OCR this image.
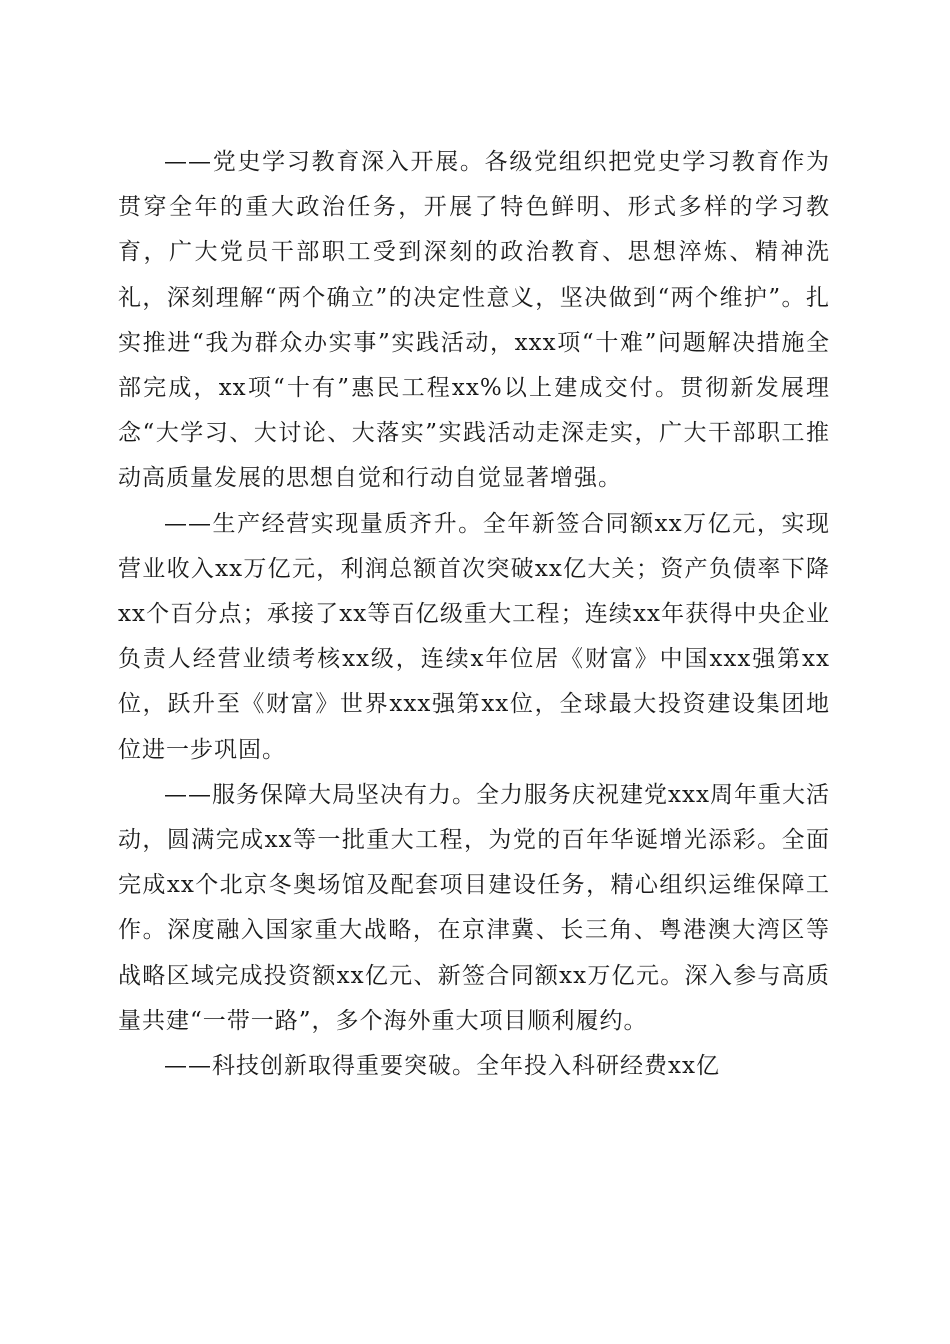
——党史学习教育深入开展。各级党组织把党史学习教育作为贯穿全年的重大政治任务，开展了特色鲜明、形式多样的学习教育，广大党员干部职工受到深刻的政治教育、思想淬炼、精神洗礼，深刻理解“两个确立”的决定性意义，坚决做到“两个维护”。扎实推进“我为群众办实事”实践活动，xxx项“十难”问题解决措施全部完成，xx项“十有”惠民工程xx%以上建成交付。贯彻新发展理念“大学习、大讨论、大落实”实践活动走深走实，广大干部职工推动高质量发展的思想自觉和行动自觉显著增强。

——生产经营实现量质齐升。全年新签合同额xx万亿元，实现营业收入xx万亿元，利润总额首次突破xx亿大关；资产负债率下降xx个百分点；承接了xx等百亿级重大工程；连续xx年获得中央企业负责人经营业绩考核xx级，连续x年位居《财富》中国xxx强第xx位，跃升至《财富》世界xxx强第xx位，全球最大投资建设集团地位进一步巩固。

——服务保障大局坚决有力。全力服务庆祝建党xxx周年重大活动，圆满完成xx等一批重大工程，为党的百年华诞增光添彩。全面完成xx个北京冬奥场馆及配套项目建设任务，精心组织运维保障工作。深度融入国家重大战略，在京津冀、长三角、粤港澳大湾区等战略区域完成投资额xx亿元、新签合同额xx万亿元。深入参与高质量共建“一带一路”，多个海外重大项目顺利履约。

——科技创新取得重要突破。全年投入科研经费xx亿
